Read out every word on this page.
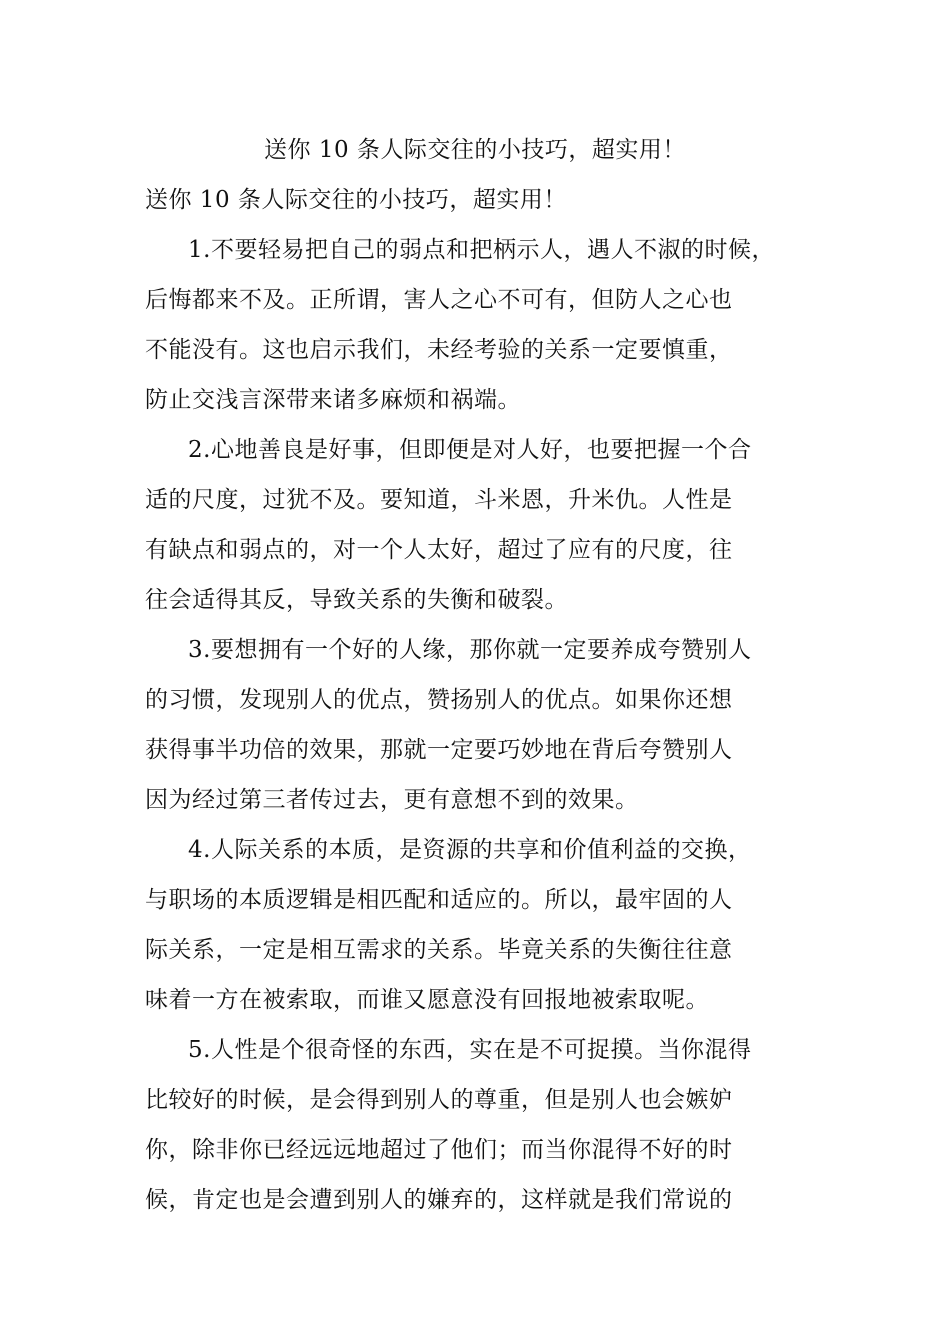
送你 10 条人际交往的小技巧，超实用！
送你 10 条人际交往的小技巧，超实用！
1.不要轻易把自己的弱点和把柄示人，遇人不淑的时候，
后悔都来不及。正所谓，害人之心不可有，但防人之心也
不能没有。这也启示我们，未经考验的关系一定要慎重，
防止交浅言深带来诸多麻烦和祸端。
2.心地善良是好事，但即便是对人好，也要把握一个合
适的尺度，过犹不及。要知道，斗米恩，升米仇。人性是
有缺点和弱点的，对一个人太好，超过了应有的尺度，往
往会适得其反，导致关系的失衡和破裂。
3.要想拥有一个好的人缘，那你就一定要养成夸赞别人
的习惯，发现别人的优点，赞扬别人的优点。如果你还想
获得事半功倍的效果，那就一定要巧妙地在背后夸赞别人
因为经过第三者传过去，更有意想不到的效果。
4.人际关系的本质，是资源的共享和价值利益的交换，
与职场的本质逻辑是相匹配和适应的。所以，最牢固的人
际关系，一定是相互需求的关系。毕竟关系的失衡往往意
味着一方在被索取，而谁又愿意没有回报地被索取呢。
5.人性是个很奇怪的东西，实在是不可捉摸。当你混得
比较好的时候，是会得到别人的尊重，但是别人也会嫉妒
你，除非你已经远远地超过了他们；而当你混得不好的时
候，肯定也是会遭到别人的嫌弃的，这样就是我们常说的
